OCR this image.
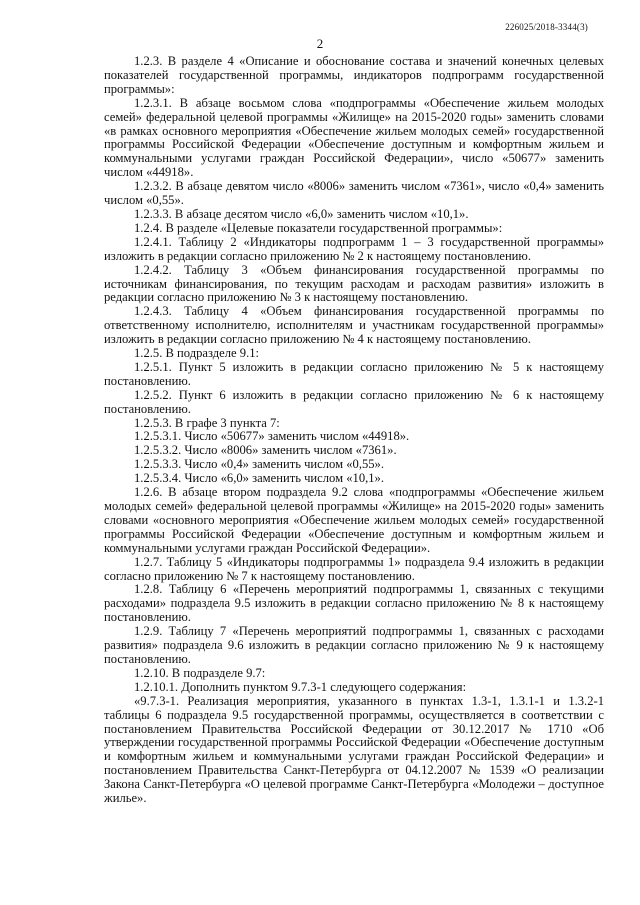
226025/2018-3344(3)
2

1.2.3. В разделе 4 «Описание и обоснование состава и значений конечных целевых показателей государственной программы, индикаторов подпрограмм государственной программы»:

1.2.3.1. В абзаце восьмом слова «подпрограммы «Обеспечение жильем молодых семей» федеральной целевой программы «Жилище» на 2015-2020 годы» заменить словами «в рамках основного мероприятия «Обеспечение жильем молодых семей» государственной программы Российской Федерации «Обеспечение доступным и комфортным жильем и коммунальными услугами граждан Российской Федерации», число «50677» заменить числом «44918».

1.2.3.2. В абзаце девятом число «8006» заменить числом «7361», число «0,4» заменить числом «0,55».

1.2.3.3. В абзаце десятом число «6,0» заменить числом «10,1».

1.2.4. В разделе «Целевые показатели государственной программы»:

1.2.4.1. Таблицу 2 «Индикаторы подпрограмм 1 – 3 государственной программы» изложить в редакции согласно приложению № 2 к настоящему постановлению.

1.2.4.2. Таблицу 3 «Объем финансирования государственной программы по источникам финансирования, по текущим расходам и расходам развития» изложить в редакции согласно приложению № 3 к настоящему постановлению.

1.2.4.3. Таблицу 4 «Объем финансирования государственной программы по ответственному исполнителю, исполнителям и участникам государственной программы» изложить в редакции согласно приложению № 4 к настоящему постановлению.

1.2.5. В подразделе 9.1:

1.2.5.1. Пункт 5 изложить в редакции согласно приложению № 5 к настоящему постановлению.

1.2.5.2. Пункт 6 изложить в редакции согласно приложению № 6 к настоящему постановлению.

1.2.5.3. В графе 3 пункта 7:

1.2.5.3.1. Число «50677» заменить числом «44918».

1.2.5.3.2. Число «8006» заменить числом «7361».

1.2.5.3.3. Число «0,4» заменить числом «0,55».

1.2.5.3.4. Число «6,0» заменить числом «10,1».

1.2.6. В абзаце втором подраздела 9.2 слова «подпрограммы «Обеспечение жильем молодых семей» федеральной целевой программы «Жилище» на 2015-2020 годы» заменить словами «основного мероприятия «Обеспечение жильем молодых семей» государственной программы Российской Федерации «Обеспечение доступным и комфортным жильем и коммунальными услугами граждан Российской Федерации».

1.2.7. Таблицу 5 «Индикаторы подпрограммы 1» подраздела 9.4 изложить в редакции согласно приложению № 7 к настоящему постановлению.

1.2.8. Таблицу 6 «Перечень мероприятий подпрограммы 1, связанных с текущими расходами» подраздела 9.5 изложить в редакции согласно приложению № 8 к настоящему постановлению.

1.2.9. Таблицу 7 «Перечень мероприятий подпрограммы 1, связанных с расходами развития» подраздела 9.6 изложить в редакции согласно приложению № 9 к настоящему постановлению.

1.2.10. В подразделе 9.7:

1.2.10.1. Дополнить пунктом 9.7.3-1 следующего содержания:

«9.7.3-1. Реализация мероприятия, указанного в пунктах 1.3-1, 1.3.1-1 и 1.3.2-1 таблицы 6 подраздела 9.5 государственной программы, осуществляется в соответствии с постановлением Правительства Российской Федерации от 30.12.2017 № 1710 «Об утверждении государственной программы Российской Федерации «Обеспечение доступным и комфортным жильем и коммунальными услугами граждан Российской Федерации» и постановлением Правительства Санкт-Петербурга от 04.12.2007 № 1539 «О реализации Закона Санкт-Петербурга «О целевой программе Санкт-Петербурга «Молодежи – доступное жилье».
